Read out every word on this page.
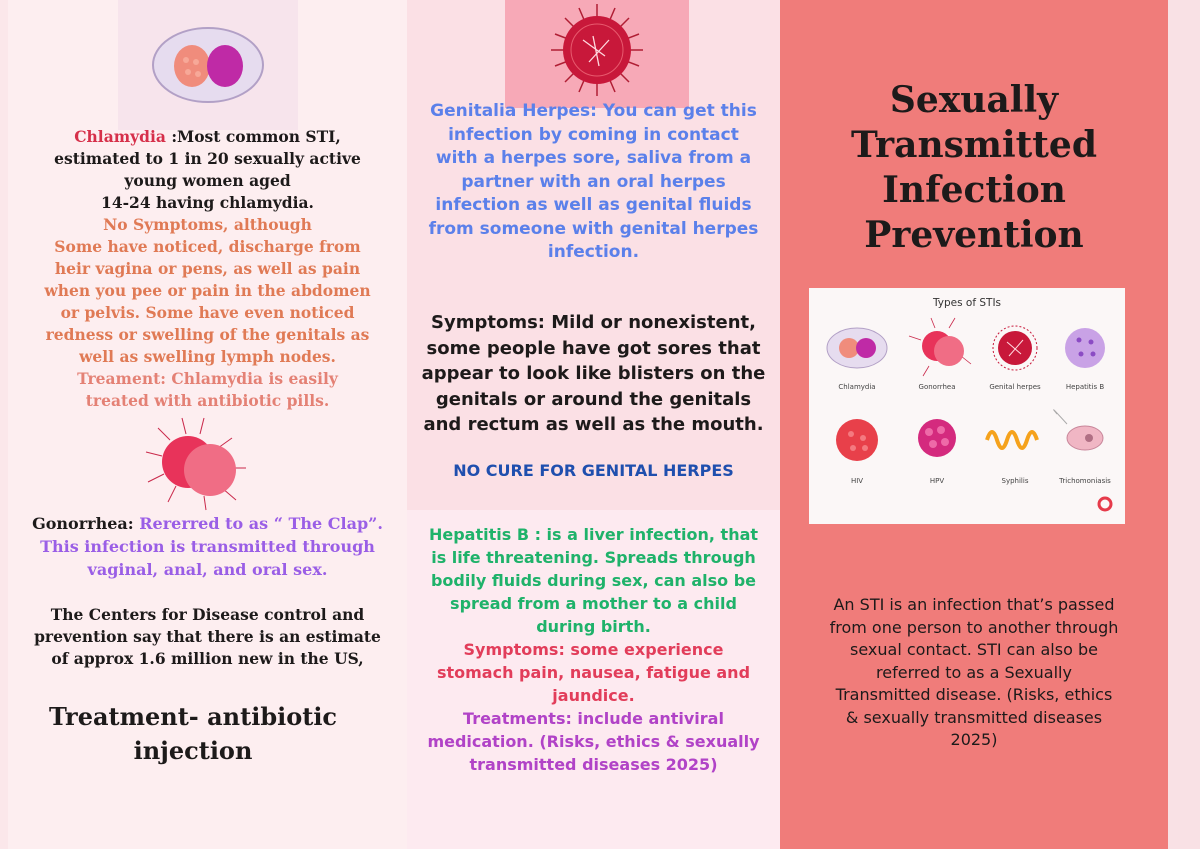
Chlamydia :Most common STI,

estimated to 1 in 20 sexually active

young women aged

14-24 having chlamydia.

No Symptoms, although

Some have noticed, discharge from

heir vagina or pens, as well as pain

when you pee or pain in the abdomen

or pelvis. Some have even noticed

redness or swelling of the genitals as

well as swelling lymph nodes.

Treament: Chlamydia is easily

treated with antibiotic pills.

Gonorrhea: Rererred to as “ The Clap”.

This infection is transmitted through

vaginal, anal, and oral sex.

The Centers for Disease control and

prevention say that there is an estimate

of approx 1.6 million new in the US,

Treatment- antibiotic

injection

Genitalia Herpes: You can get this

infection by coming in contact

with a herpes sore, saliva from a

partner with an oral herpes

infection as well as genital fluids

from someone with genital herpes

infection.

Symptoms: Mild or nonexistent,

some people have got sores that

appear to look like blisters on the

genitals or around the genitals

and rectum as well as the mouth.

NO CURE FOR GENITAL HERPES

Hepatitis B : is a liver infection, that

is life threatening. Spreads through

bodily fluids during sex, can also be

spread from a mother to a child

during birth.

Symptoms: some experience

stomach pain, nausea, fatigue and

jaundice.

Treatments: include antiviral

medication. (Risks, ethics & sexually

transmitted diseases 2025)

Sexually

Transmitted

Infection

Prevention

Types of STIs

Chlamydia	Gonorrhea	Genital herpes	Hepatitis B

HIV	HPV	Syphilis	Trichomoniasis

An STI is an infection that’s passed

from one person to another through

sexual contact. STI can also be

referred to as a Sexually

Transmitted disease. (Risks, ethics

& sexually transmitted diseases

2025)
